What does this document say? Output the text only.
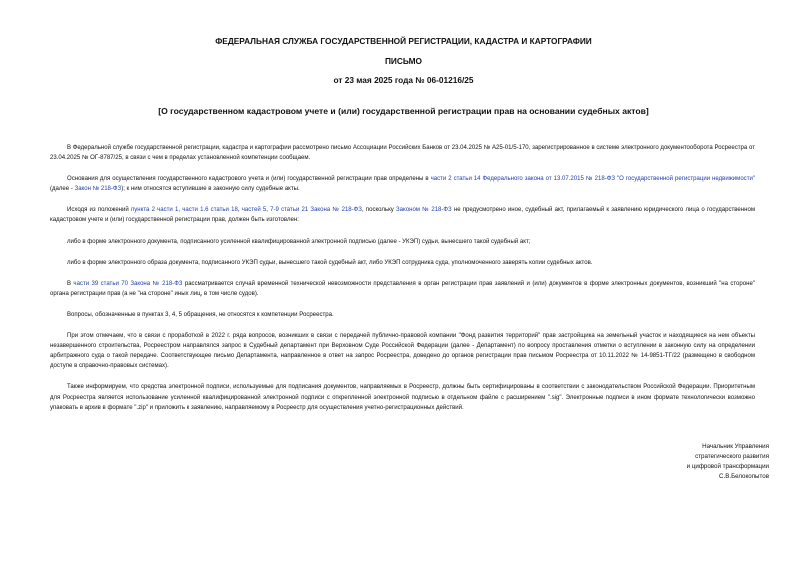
ФЕДЕРАЛЬНАЯ СЛУЖБА ГОСУДАРСТВЕННОЙ РЕГИСТРАЦИИ, КАДАСТРА И КАРТОГРАФИИ
ПИСЬМО
от 23 мая 2025 года № 06-01216/25
[О государственном кадастровом учете и (или) государственной регистрации прав на основании судебных актов]

В Федеральной службе государственной регистрации, кадастра и картографии рассмотрено письмо Ассоциации Российских Банков от 23.04.2025 № А25-01/5-170, зарегистрированное в системе электронного документооборота Росреестра от 23.04.2025 № ОГ-8787/25, в связи с чем в пределах установленной компетенции сообщаем.

Основания для осуществления государственного кадастрового учета и (или) государственной регистрации прав определены в части 2 статьи 14 Федерального закона от 13.07.2015 № 218-ФЗ "О государственной регистрации недвижимости" (далее - Закон № 218-ФЗ); к ним относятся вступившие в законную силу судебные акты.

Исходя из положений пункта 2 части 1, части 1.6 статьи 18, частей 5, 7-9 статьи 21 Закона № 218-ФЗ, поскольку Законом № 218-ФЗ не предусмотрено иное, судебный акт, прилагаемый к заявлению юридического лица о государственном кадастровом учете и (или) государственной регистрации прав, должен быть изготовлен:

либо в форме электронного документа, подписанного усиленной квалифицированной электронной подписью (далее - УКЭП) судьи, вынесшего такой судебный акт;

либо в форме электронного образа документа, подписанного УКЭП судьи, вынесшего такой судебный акт, либо УКЭП сотрудника суда, уполномоченного заверять копии судебных актов.

В части 39 статьи 70 Закона № 218-ФЗ рассматривается случай временной технической невозможности представления в орган регистрации прав заявлений и (или) документов в форме электронных документов, возникший "на стороне" органа регистрации прав (а не "на стороне" иных лиц, в том числе судов).

Вопросы, обозначенные в пунктах 3, 4, 5 обращения, не относятся к компетенции Росреестра.

При этом отмечаем, что в связи с проработкой в 2022 г. ряда вопросов, возникших в связи с передачей публично-правовой компании "Фонд развития территорий" прав застройщика на земельный участок и находящиеся на нем объекты незавершенного строительства, Росреестром направлялся запрос в Судебный департамент при Верховном Суде Российской Федерации (далее - Департамент) по вопросу проставления отметки о вступлении в законную силу на определении арбитражного суда о такой передаче. Соответствующее письмо Департамента, направленное в ответ на запрос Росреестра, доведено до органов регистрации прав письмом Росреестра от 10.11.2022 № 14-9851-ТГ/22 (размещено в свободном доступе в справочно-правовых системах).

Также информируем, что средства электронной подписи, используемые для подписания документов, направляемых в Росреестр, должны быть сертифицированы в соответствии с законодательством Российской Федерации. Приоритетным для Росреестра является использование усиленной квалифицированной электронной подписи с открепленной электронной подписью в отдельном файле с расширением ".sig". Электронные подписи в ином формате технологически возможно упаковать в архив в формате ".zip" и приложить к заявлению, направляемому в Росреестр для осуществления учетно-регистрационных действий.

Начальник Управления
стратегического развития
и цифровой трансформации
С.В.Белокопытов
